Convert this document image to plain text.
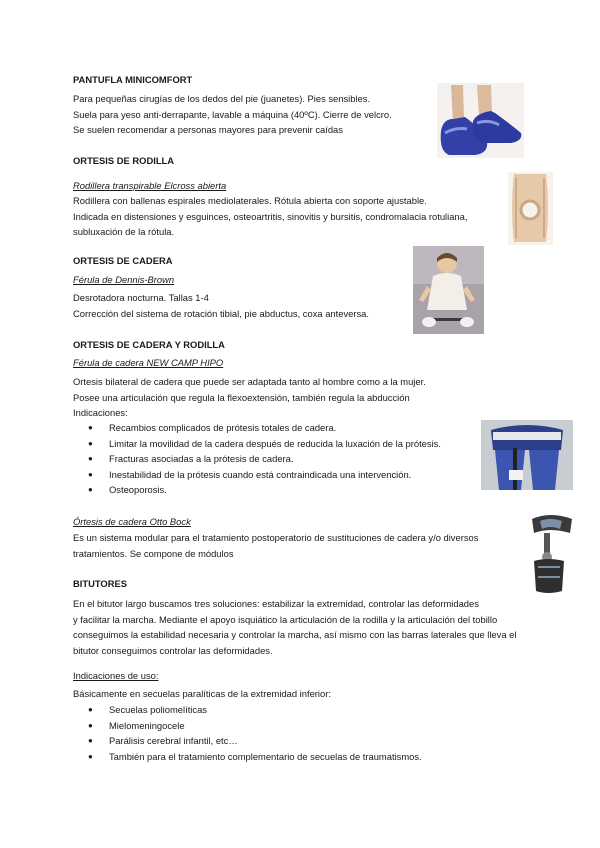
PANTUFLA MINICOMFORT
Para pequeñas cirugías de los dedos del pie (juanetes). Pies sensibles.
Suela para yeso anti-derrapante, lavable a máquina (40ºC). Cierre de velcro.
Se suelen recomendar a personas mayores para prevenir caídas
ORTESIS DE RODILLA
Rodillera transpirable Elcross abierta
Rodillera con ballenas espirales mediolaterales. Rótula abierta con soporte ajustable.
Indicada en distensiones y esguinces, osteoartritis, sinovitis y bursitis, condromalacia rotuliana,
subluxación de la rótula.
ORTESIS DE CADERA
Férula de Dennis-Brown
Desrotadora nocturna. Tallas 1-4
Corrección del sistema de rotación tibial, pie abductus, coxa anteversa.
ORTESIS DE CADERA Y RODILLA
Férula de cadera NEW CAMP HIPO
Ortesis bilateral de cadera que puede ser adaptada tanto al hombre como a la mujer.
Posee una articulación que regula la flexoextensión, también regula la abducción
Indicaciones:
● Recambios complicados de prótesis totales de cadera.
● Limitar la movilidad de la cadera después de reducida la luxación de la prótesis.
● Fracturas asociadas a la prótesis de cadera.
● Inestabilidad de la prótesis cuando está contraindicada una intervención.
● Osteoporosis.
Órtesis de cadera Otto Bock
Es un sistema modular para el tratamiento postoperatorio de sustituciones de cadera y/o diversos
tratamientos. Se compone de módulos
BITUTORES
En el bitutor largo buscamos tres soluciones: estabilizar la extremidad, controlar las deformidades
y facilitar la marcha. Mediante el apoyo isquiático la articulación de la rodilla y la articulación del tobillo
conseguimos la estabilidad necesaria y controlar la marcha, así mismo con las barras laterales que lleva el
bitutor conseguimos controlar las deformidades.
Indicaciones de uso:
Básicamente en secuelas paralíticas de la extremidad inferior:
● Secuelas poliomelíticas
● Mielomeningocele
● Parálisis cerebral infantil, etc…
● También para el tratamiento complementario de secuelas de traumatismos.
